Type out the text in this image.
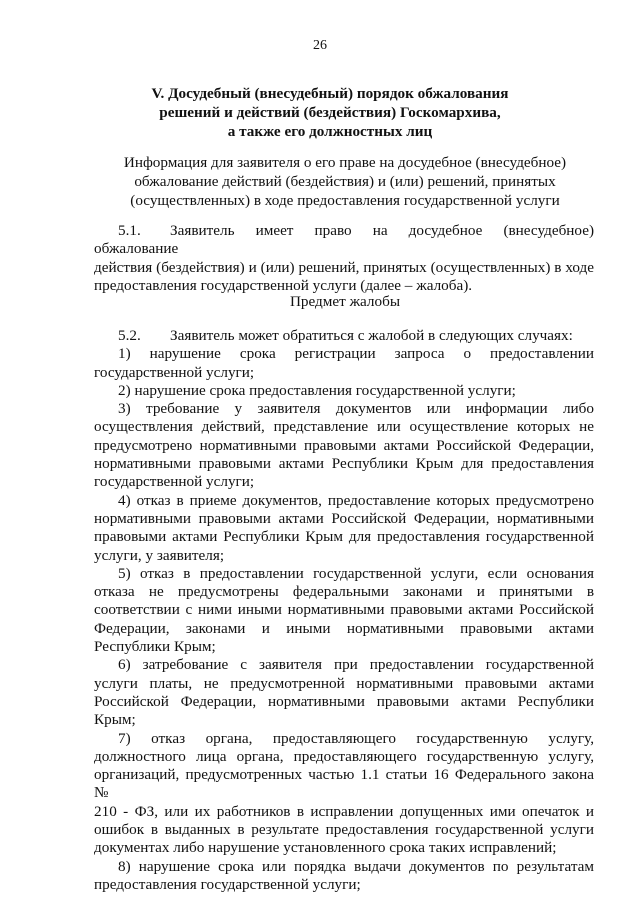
26
V. Досудебный (внесудебный) порядок обжалования
решений и действий (бездействия) Госкомархива,
а также его должностных лиц
Информация для заявителя о его праве на досудебное (внесудебное)
обжалование действий (бездействия) и (или) решений, принятых
(осуществленных) в ходе предоставления государственной услуги

5.1. Заявитель имеет право на досудебное (внесудебное) обжалование

действия (бездействия) и (или) решений, принятых (осуществленных) в ходе

предоставления государственной услуги (далее – жалоба).

Предмет жалобы

5.2. Заявитель может обратиться с жалобой в следующих случаях:

1) нарушение срока регистрации запроса о предоставлении

государственной услуги;

2) нарушение срока предоставления государственной услуги;

3) требование у заявителя документов или информации либо

осуществления действий, представление или осуществление которых не

предусмотрено нормативными правовыми актами Российской Федерации,

нормативными правовыми актами Республики Крым для предоставления

государственной услуги;

4) отказ в приеме документов, предоставление которых предусмотрено

нормативными правовыми актами Российской Федерации, нормативными

правовыми актами Республики Крым для предоставления государственной

услуги, у заявителя;

5) отказ в предоставлении государственной услуги, если основания

отказа не предусмотрены федеральными законами и принятыми в

соответствии с ними иными нормативными правовыми актами Российской

Федерации, законами и иными нормативными правовыми актами

Республики Крым;

6) затребование с заявителя при предоставлении государственной

услуги платы, не предусмотренной нормативными правовыми актами

Российской Федерации, нормативными правовыми актами Республики

Крым;

7) отказ органа, предоставляющего государственную услугу,

должностного лица органа, предоставляющего государственную услугу,

организаций, предусмотренных частью 1.1 статьи 16 Федерального закона №

210 - ФЗ, или их работников в исправлении допущенных ими опечаток и

ошибок в выданных в результате предоставления государственной услуги

документах либо нарушение установленного срока таких исправлений;

8) нарушение срока или порядка выдачи документов по результатам

предоставления государственной услуги;
